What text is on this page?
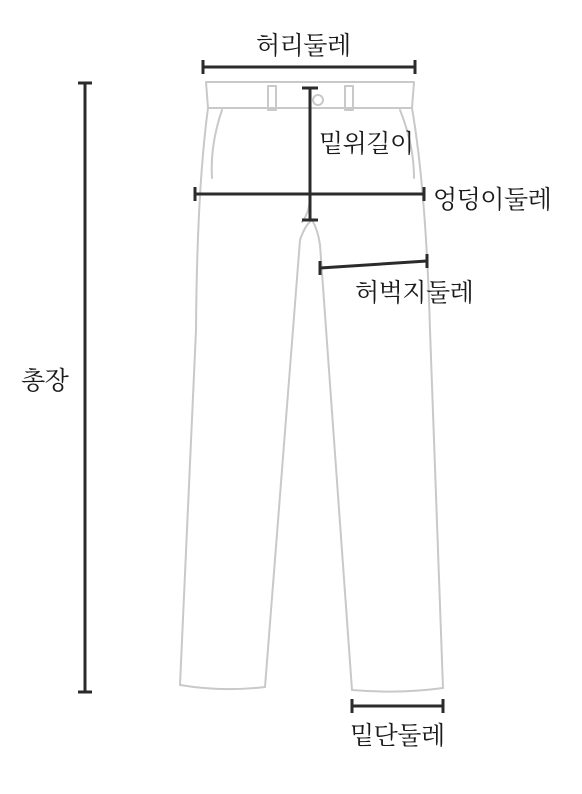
허리둘레
밑위길이
엉덩이둘레
허벅지둘레
총장
밑단둘레
